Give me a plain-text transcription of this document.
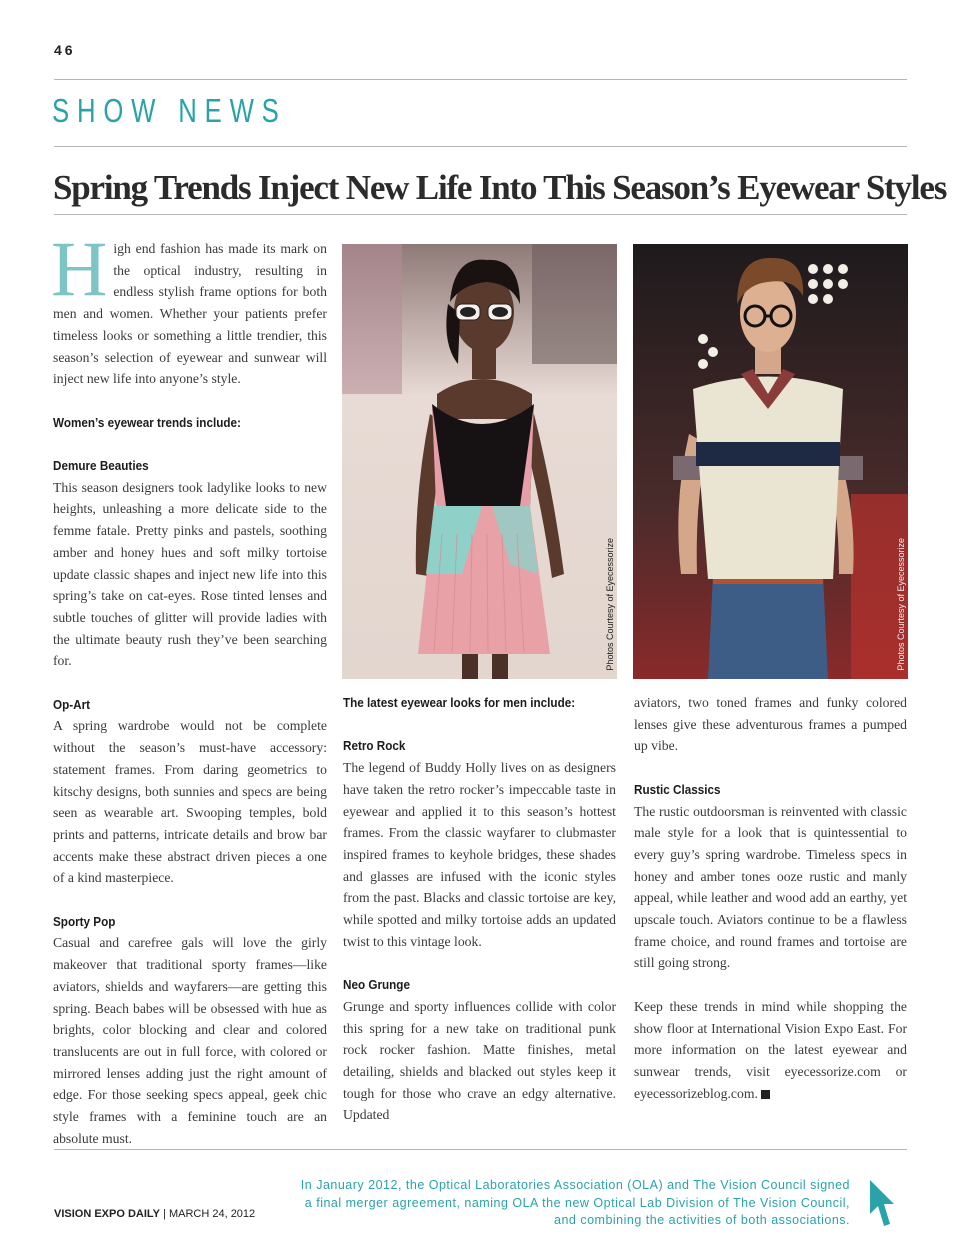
46
SHOW NEWS
Spring Trends Inject New Life Into This Season’s Eyewear Styles

High end fashion has made its mark on the optical industry, resulting in endless stylish frame options for both men and women. Whether your patients prefer timeless looks or something a little trendier, this season’s selection of eyewear and sunwear will inject new life into anyone’s style.

Women’s eyewear trends include:
Demure Beauties

This season designers took ladylike looks to new heights, unleashing a more delicate side to the femme fatale. Pretty pinks and pastels, soothing amber and honey hues and soft milky tortoise update classic shapes and inject new life into this spring’s take on cat-eyes. Rose tinted lenses and subtle touches of glitter will provide ladies with the ultimate beauty rush they’ve been searching for.

Op-Art

A spring wardrobe would not be complete without the season’s must-have accessory: statement frames. From daring geometrics to kitschy designs, both sunnies and specs are being seen as wearable art. Swooping temples, bold prints and patterns, intricate details and brow bar accents make these abstract driven pieces a one of a kind masterpiece.

Sporty Pop

Casual and carefree gals will love the girly makeover that traditional sporty frames—like aviators, shields and wayfarers—are getting this spring. Beach babes will be obsessed with hue as brights, color blocking and clear and colored translucents are out in full force, with colored or mirrored lenses adding just the right amount of edge. For those seeking specs appeal, geek chic style frames with a feminine touch are an absolute must.

Photos Courtesy of Eyecessorize	Photos Courtesy of Eyecessorize
The latest eyewear looks for men include:
Retro Rock

The legend of Buddy Holly lives on as designers have taken the retro rocker’s impeccable taste in eyewear and applied it to this season’s hottest frames. From the classic wayfarer to clubmaster inspired frames to keyhole bridges, these shades and glasses are infused with the iconic styles from the past. Blacks and classic tortoise are key, while spotted and milky tortoise adds an updated twist to this vintage look.

Neo Grunge

Grunge and sporty influences collide with color this spring for a new take on traditional punk rock rocker fashion. Matte finishes, metal detailing, shields and blacked out styles keep it tough for those who crave an edgy alternative. Updated

aviators, two toned frames and funky colored lenses give these adventurous frames a pumped up vibe.

Rustic Classics

The rustic outdoorsman is reinvented with classic male style for a look that is quintessential to every guy’s spring wardrobe. Timeless specs in honey and amber tones ooze rustic and manly appeal, while leather and wood add an earthy, yet upscale touch. Aviators continue to be a flawless frame choice, and round frames and tortoise are still going strong.

Keep these trends in mind while shopping the show floor at International Vision Expo East. For more information on the latest eyewear and sunwear trends, visit eyecessorize.com or eyecessorizeblog.com.

VISION EXPO DAILY | MARCH 24, 2012
In January 2012, the Optical Laboratories Association (OLA) and The Vision Council signed a final merger agreement, naming OLA the new Optical Lab Division of The Vision Council, and combining the activities of both associations.
